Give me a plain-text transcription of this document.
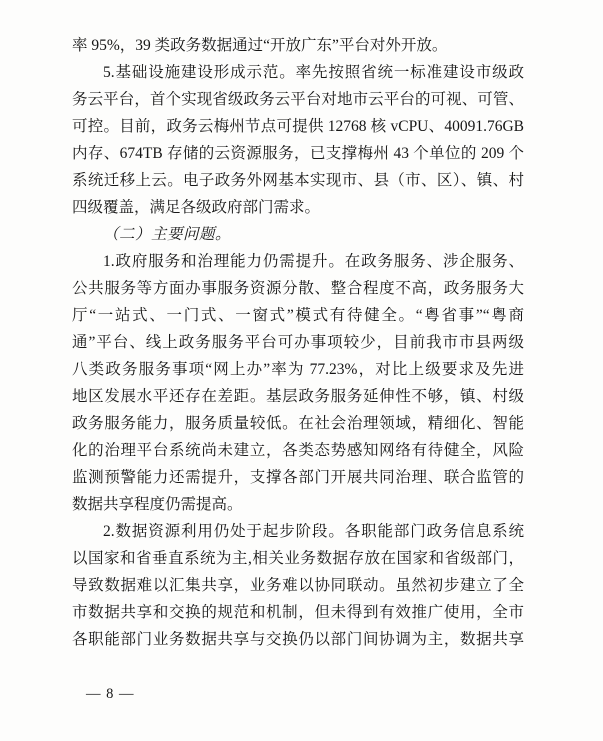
率 95%，39 类政务数据通过“开放广东”平台对外开放。
5.基础设施建设形成示范。率先按照省统一标准建设市级政
务云平台，首个实现省级政务云平台对地市云平台的可视、可管、
可控。目前，政务云梅州节点可提供 12768 核 vCPU、40091.76GB
内存、674TB 存储的云资源服务，已支撑梅州 43 个单位的 209 个
系统迁移上云。电子政务外网基本实现市、县（市、区）、镇、村
四级覆盖，满足各级政府部门需求。
（二）主要问题。
1.政府服务和治理能力仍需提升。在政务服务、涉企服务、
公共服务等方面办事服务资源分散、整合程度不高，政务服务大
厅“一站式、一门式、一窗式”模式有待健全。“粤省事”“粤商
通”平台、线上政务服务平台可办事项较少，目前我市市县两级
八类政务服务事项“网上办”率为 77.23%，对比上级要求及先进
地区发展水平还存在差距。基层政务服务延伸性不够，镇、村级
政务服务能力，服务质量较低。在社会治理领域，精细化、智能
化的治理平台系统尚未建立，各类态势感知网络有待健全，风险
监测预警能力还需提升，支撑各部门开展共同治理、联合监管的
数据共享程度仍需提高。
2.数据资源利用仍处于起步阶段。各职能部门政务信息系统
以国家和省垂直系统为主,相关业务数据存放在国家和省级部门，
导致数据难以汇集共享，业务难以协同联动。虽然初步建立了全
市数据共享和交换的规范和机制，但未得到有效推广使用，全市
各职能部门业务数据共享与交换仍以部门间协调为主，数据共享
— 8 —
